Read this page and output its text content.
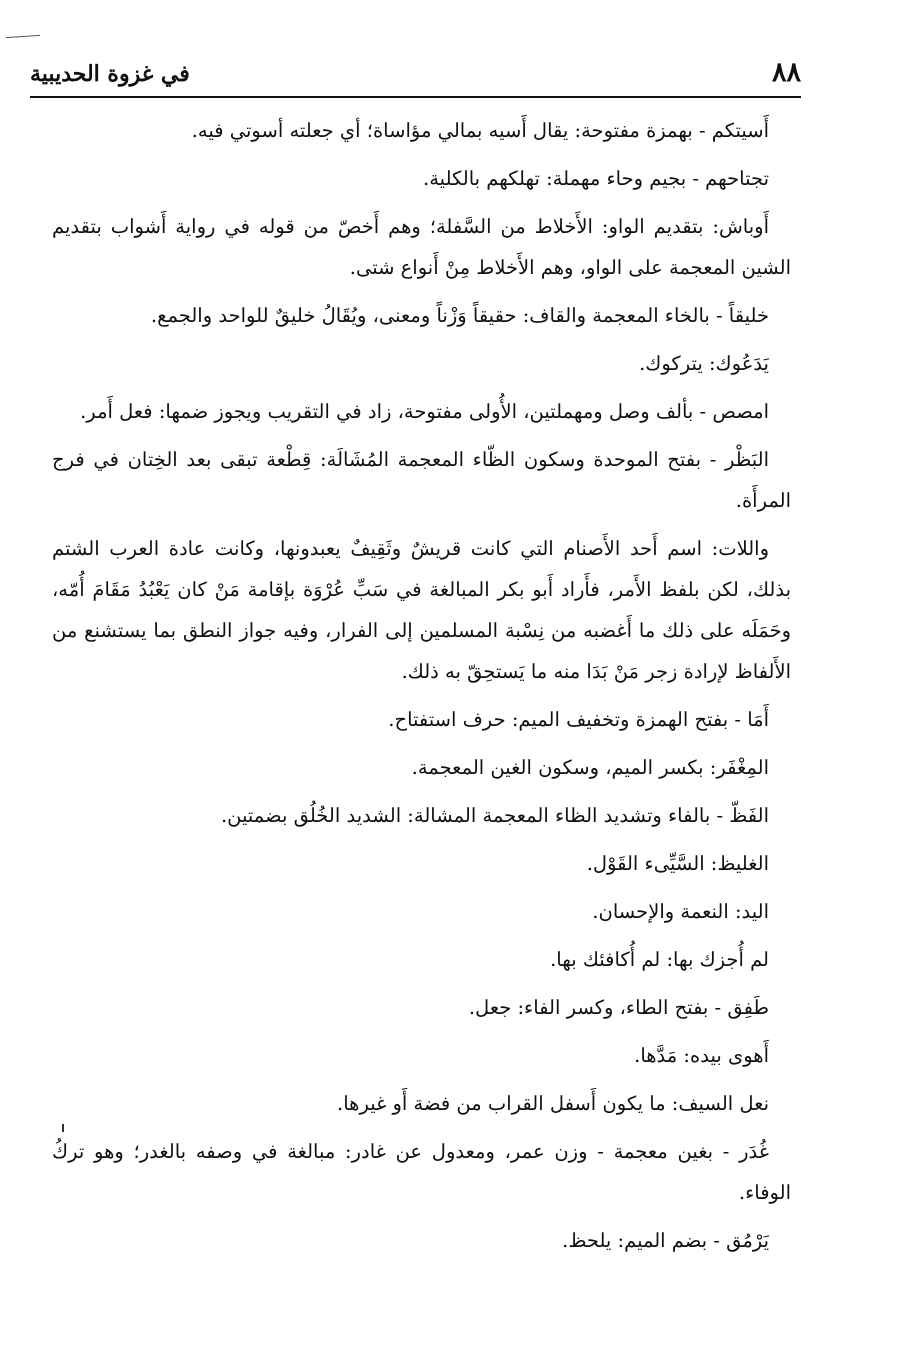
٨٨
في غزوة الحديبية

أَسيتكم - بهمزة مفتوحة: يقال أَسيه بمالي مؤاساة؛ أي جعلته أسوتي فيه.

تجتاحهم - بجيم وحاء مهملة: تهلكهم بالكلية.

أَوباش: بتقديم الواو: الأَخلاط من السَّفلة؛ وهم أَخصّ من قوله في رواية أَشواب بتقديم الشين المعجمة على الواو، وهم الأَخلاط مِنْ أَنواع شتى.

خليقاً - بالخاء المعجمة والقاف: حقيقاً وَزْناً ومعنى، ويُقَالُ خليقٌ للواحد والجمع.

يَدَعُوك: يتركوك.

امصص - بألف وصل ومهملتين، الأُولى مفتوحة، زاد في التقريب ويجوز ضمها: فعل أَمر.

البَظْر - بفتح الموحدة وسكون الظّاء المعجمة المُشَالَة: قِطْعة تبقى بعد الخِتان في فرج المرأَة.

واللات: اسم أَحد الأَصنام التي كانت قريشٌ وثَقِيفٌ يعبدونها، وكانت عادة العرب الشتم بذلك، لكن بلفظ الأَمر، فأَراد أَبو بكر المبالغة في سَبِّ عُرْوَة بإقامة مَنْ كان يَعْبُدُ مَقَامَ أُمّه، وحَمَلَه على ذلك ما أَغضبه من نِسْبة المسلمين إلى الفرار، وفيه جواز النطق بما يستشنع من الأَلفاظ لإرادة زجر مَنْ بَدَا منه ما يَستحِقّ به ذلك.

أَمَا - بفتح الهمزة وتخفيف الميم: حرف استفتاح.

المِغْفَر: بكسر الميم، وسكون الغين المعجمة.

الفَظّ - بالفاء وتشديد الظاء المعجمة المشالة: الشديد الخُلُق بضمتين.

الغليظ: السَّيِّىء القَوْل.

اليد: النعمة والإحسان.

لم أُجزك بها: لم أُكافئك بها.

طَفِق - بفتح الطاء، وكسر الفاء: جعل.

أَهوى بيده: مَدَّها.

نعل السيف: ما يكون أَسفل القراب من فضة أَو غيرها.

غُدَر - بغين معجمة - وزن عمر، ومعدول عن غادر: مبالغة في وصفه بالغدر؛ وهو تركُ الوفاء.

يَرْمُق - بضم الميم: يلحظ.
